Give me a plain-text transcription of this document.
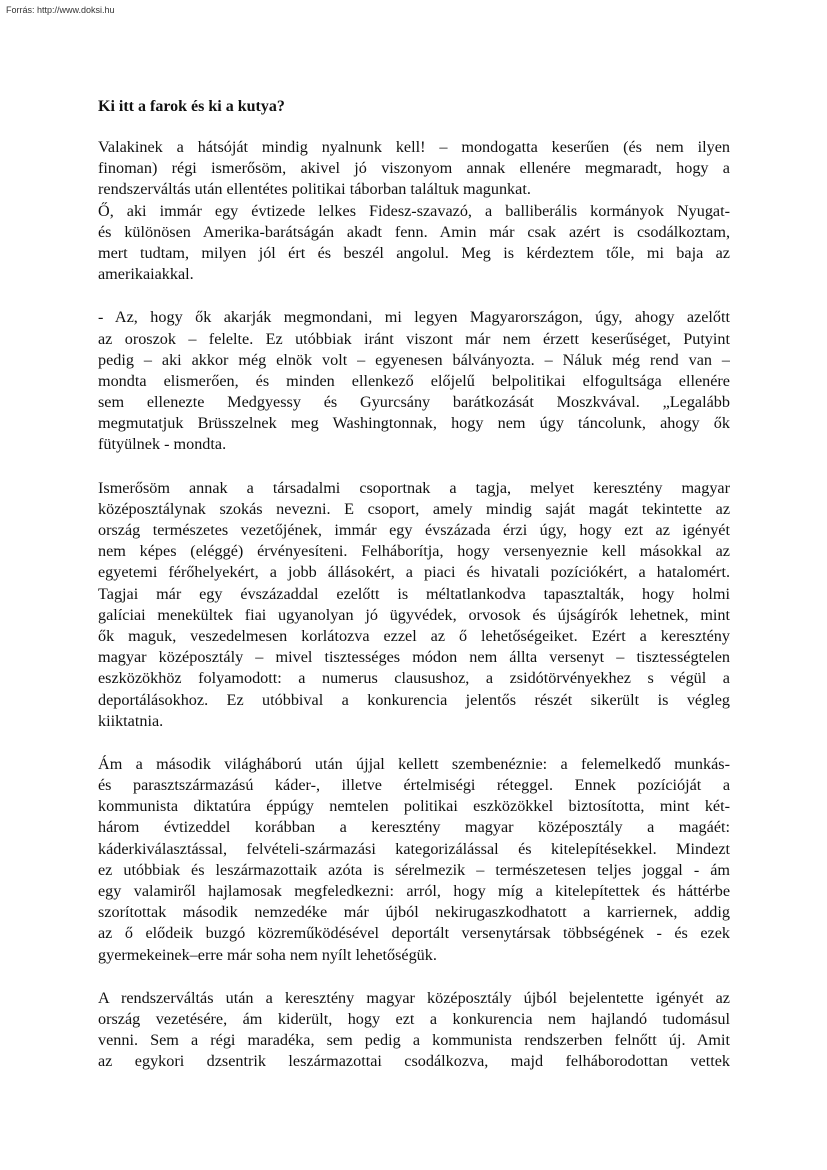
Forrás: http://www.doksi.hu
Ki itt a farok és ki a kutya?
Valakinek a hátsóját mindig nyalnunk kell! – mondogatta keserűen (és nem ilyen
finoman) régi ismerősöm, akivel jó viszonyom annak ellenére megmaradt, hogy a
rendszerváltás után ellentétes politikai táborban találtuk magunkat.
Ő, aki immár egy évtizede lelkes Fidesz-szavazó, a balliberális kormányok Nyugat-
és különösen Amerika-barátságán akadt fenn. Amin már csak azért is csodálkoztam,
mert tudtam, milyen jól ért és beszél angolul. Meg is kérdeztem tőle, mi baja az
amerikaiakkal.
- Az, hogy ők akarják megmondani, mi legyen Magyarországon, úgy, ahogy azelőtt
az oroszok – felelte. Ez utóbbiak iránt viszont már nem érzett keserűséget, Putyint
pedig – aki akkor még elnök volt – egyenesen bálványozta. – Náluk még rend van –
mondta elismerően, és minden ellenkező előjelű belpolitikai elfogultsága ellenére
sem ellenezte Medgyessy és Gyurcsány barátkozását Moszkvával. „Legalább
megmutatjuk Brüsszelnek meg Washingtonnak, hogy nem úgy táncolunk, ahogy ők
fütyülnek - mondta.
Ismerősöm annak a társadalmi csoportnak a tagja, melyet keresztény magyar
középosztálynak szokás nevezni. E csoport, amely mindig saját magát tekintette az
ország természetes vezetőjének, immár egy évszázada érzi úgy, hogy ezt az igényét
nem képes (eléggé) érvényesíteni. Felháborítja, hogy versenyeznie kell másokkal az
egyetemi férőhelyekért, a jobb állásokért, a piaci és hivatali pozíciókért, a hatalomért.
Tagjai már egy évszázaddal ezelőtt is méltatlankodva tapasztalták, hogy holmi
galíciai menekültek fiai ugyanolyan jó ügyvédek, orvosok és újságírók lehetnek, mint
ők maguk, veszedelmesen korlátozva ezzel az ő lehetőségeiket. Ezért a keresztény
magyar középosztály – mivel tisztességes módon nem állta versenyt – tisztességtelen
eszközökhöz folyamodott: a numerus clausushoz, a zsidótörvényekhez s végül a
deportálásokhoz. Ez utóbbival a konkurencia jelentős részét sikerült is végleg
kiiktatnia.
Ám a második világháború után újjal kellett szembenéznie: a felemelkedő munkás-
és parasztszármazású káder-, illetve értelmiségi réteggel. Ennek pozícióját a
kommunista diktatúra éppúgy nemtelen politikai eszközökkel biztosította, mint két-
három évtizeddel korábban a keresztény magyar középosztály a magáét:
káderkiválasztással, felvételi-származási kategorizálással és kitelepítésekkel. Mindezt
ez utóbbiak és leszármazottaik azóta is sérelmezik – természetesen teljes joggal - ám
egy valamiről hajlamosak megfeledkezni: arról, hogy míg a kitelepítettek és háttérbe
szorítottak második nemzedéke már újból nekirugaszkodhatott a karriernek, addig
az ő elődeik buzgó közreműködésével deportált versenytársak többségének - és ezek
gyermekeinek–erre már soha nem nyílt lehetőségük.
A rendszerváltás után a keresztény magyar középosztály újból bejelentette igényét az
ország vezetésére, ám kiderült, hogy ezt a konkurencia nem hajlandó tudomásul
venni. Sem a régi maradéka, sem pedig a kommunista rendszerben felnőtt új. Amit
az egykori dzsentrik leszármazottai csodálkozva, majd felháborodottan vettek
